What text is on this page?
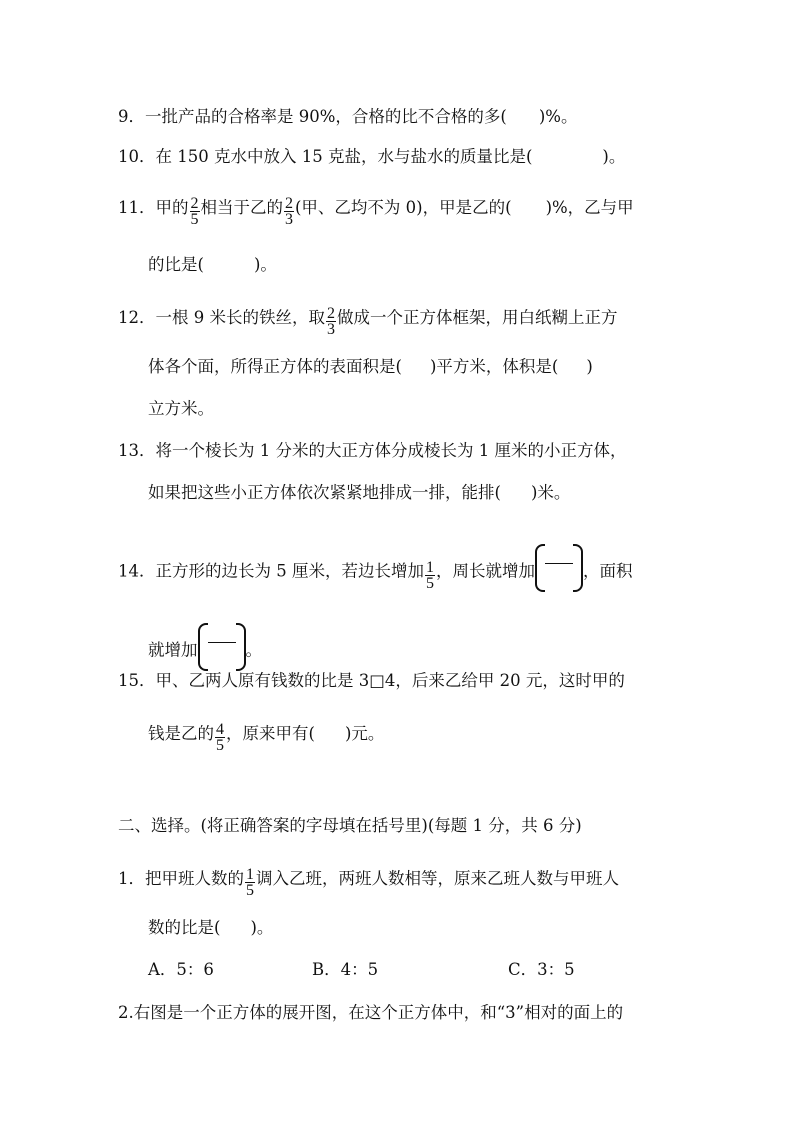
9．一批产品的合格率是 90%，合格的比不合格的多( )%。
10．在 150 克水中放入 15 克盐，水与盐水的质量比是(	)。
11．甲的 $\frac{2}{5}$ 相当于乙的 $\frac{2}{3}$ (甲、乙均不为 0)，甲是乙的( )%，乙与甲
的比是(	)。
12．一根 9 米长的铁丝，取 $\frac{2}{3}$ 做成一个正方体框架，用白纸糊上正方
体各个面，所得正方体的表面积是( )平方米，体积是( )
立方米。
13．将一个棱长为 1 分米的大正方体分成棱长为 1 厘米的小正方体，
如果把这些小正方体依次紧紧地排成一排，能排( )米。
14．正方形的边长为 5 厘米，若边长增加 $\frac{1}{5}$ ，周长就增加	，面积
就增加	。
15．甲、乙两人原有钱数的比是 3□4，后来乙给甲 20 元，这时甲的
钱是乙的 $\frac{4}{5}$ ，原来甲有( )元。
二、选择。(将正确答案的字母填在括号里)(每题 1 分，共 6 分)
1．把甲班人数的 $\frac{1}{5}$ 调入乙班，两班人数相等，原来乙班人数与甲班人
数的比是( )。
A．5：6	B．4：5	C．3：5
2.右图是一个正方体的展开图，在这个正方体中，和“3”相对的面上的
